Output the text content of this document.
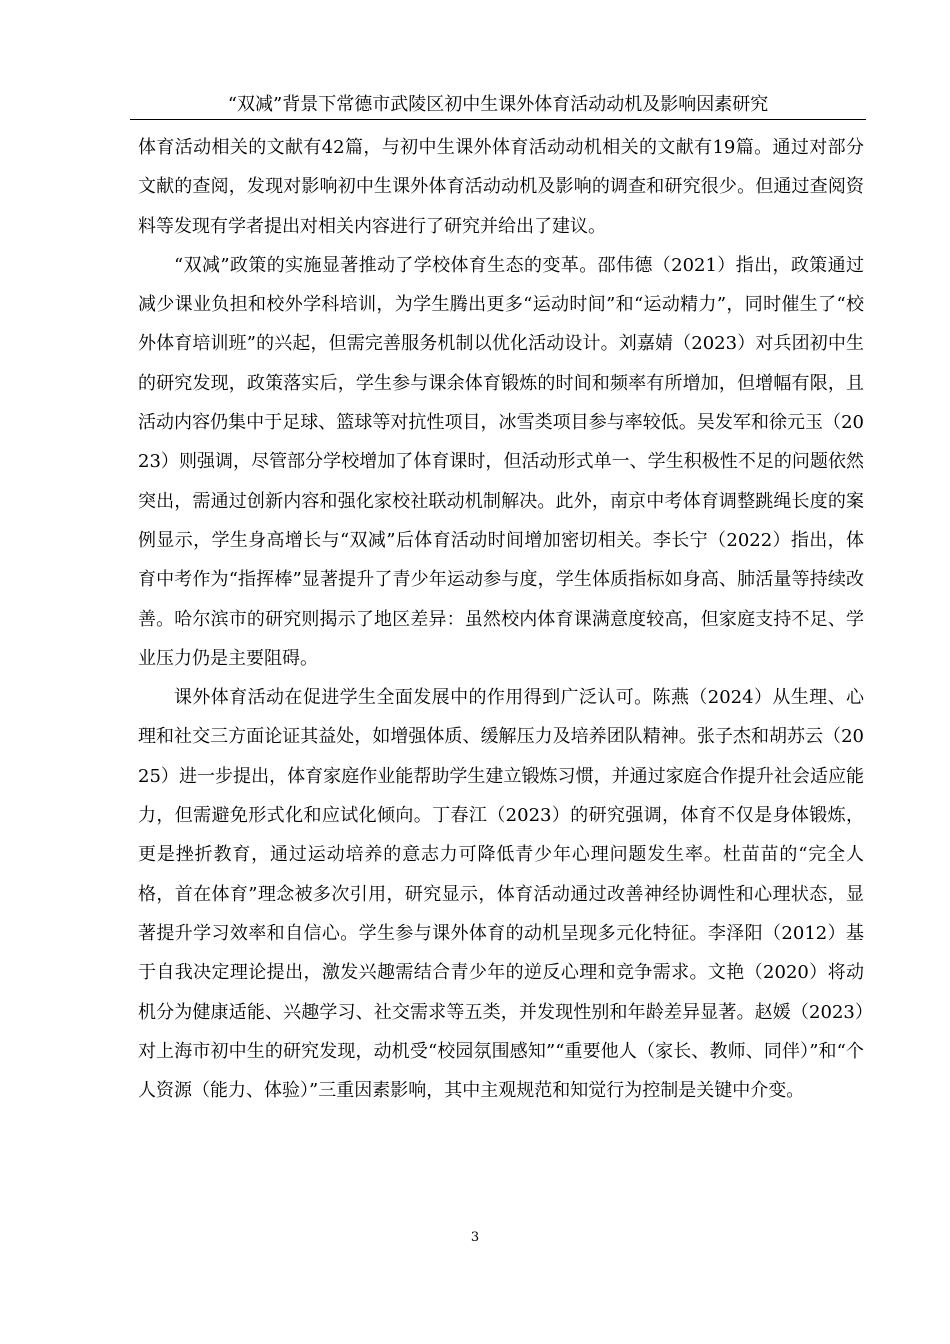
“双减”背景下常德市武陵区初中生课外体育活动动机及影响因素研究

体育活动相关的文献有42篇，与初中生课外体育活动动机相关的文献有19篇。通过对部分文献的查阅，发现对影响初中生课外体育活动动机及影响的调查和研究很少。但通过查阅资料等发现有学者提出对相关内容进行了研究并给出了建议。

“双减”政策的实施显著推动了学校体育生态的变革。邵伟德（2021）指出，政策通过减少课业负担和校外学科培训，为学生腾出更多“运动时间”和“运动精力”，同时催生了“校外体育培训班”的兴起，但需完善服务机制以优化活动设计。刘嘉婧（2023）对兵团初中生的研究发现，政策落实后，学生参与课余体育锻炼的时间和频率有所增加，但增幅有限，且活动内容仍集中于足球、篮球等对抗性项目，冰雪类项目参与率较低。吴发军和徐元玉（2023）则强调，尽管部分学校增加了体育课时，但活动形式单一、学生积极性不足的问题依然突出，需通过创新内容和强化家校社联动机制解决。此外，南京中考体育调整跳绳长度的案例显示，学生身高增长与“双减”后体育活动时间增加密切相关。李长宁（2022）指出，体育中考作为“指挥棒”显著提升了青少年运动参与度，学生体质指标如身高、肺活量等持续改善。哈尔滨市的研究则揭示了地区差异：虽然校内体育课满意度较高，但家庭支持不足、学业压力仍是主要阻碍。

课外体育活动在促进学生全面发展中的作用得到广泛认可。陈燕（2024）从生理、心理和社交三方面论证其益处，如增强体质、缓解压力及培养团队精神。张子杰和胡苏云（2025）进一步提出，体育家庭作业能帮助学生建立锻炼习惯，并通过家庭合作提升社会适应能力，但需避免形式化和应试化倾向。丁春江（2023）的研究强调，体育不仅是身体锻炼，更是挫折教育，通过运动培养的意志力可降低青少年心理问题发生率。杜苗苗的“完全人格，首在体育”理念被多次引用，研究显示，体育活动通过改善神经协调性和心理状态，显著提升学习效率和自信心。学生参与课外体育的动机呈现多元化特征。李泽阳（2012）基于自我决定理论提出，激发兴趣需结合青少年的逆反心理和竞争需求。文艳（2020）将动机分为健康适能、兴趣学习、社交需求等五类，并发现性别和年龄差异显著。赵媛（2023）对上海市初中生的研究发现，动机受“校园氛围感知”“重要他人（家长、教师、同伴）”和“个人资源（能力、体验）”三重因素影响，其中主观规范和知觉行为控制是关键中介变。

3
